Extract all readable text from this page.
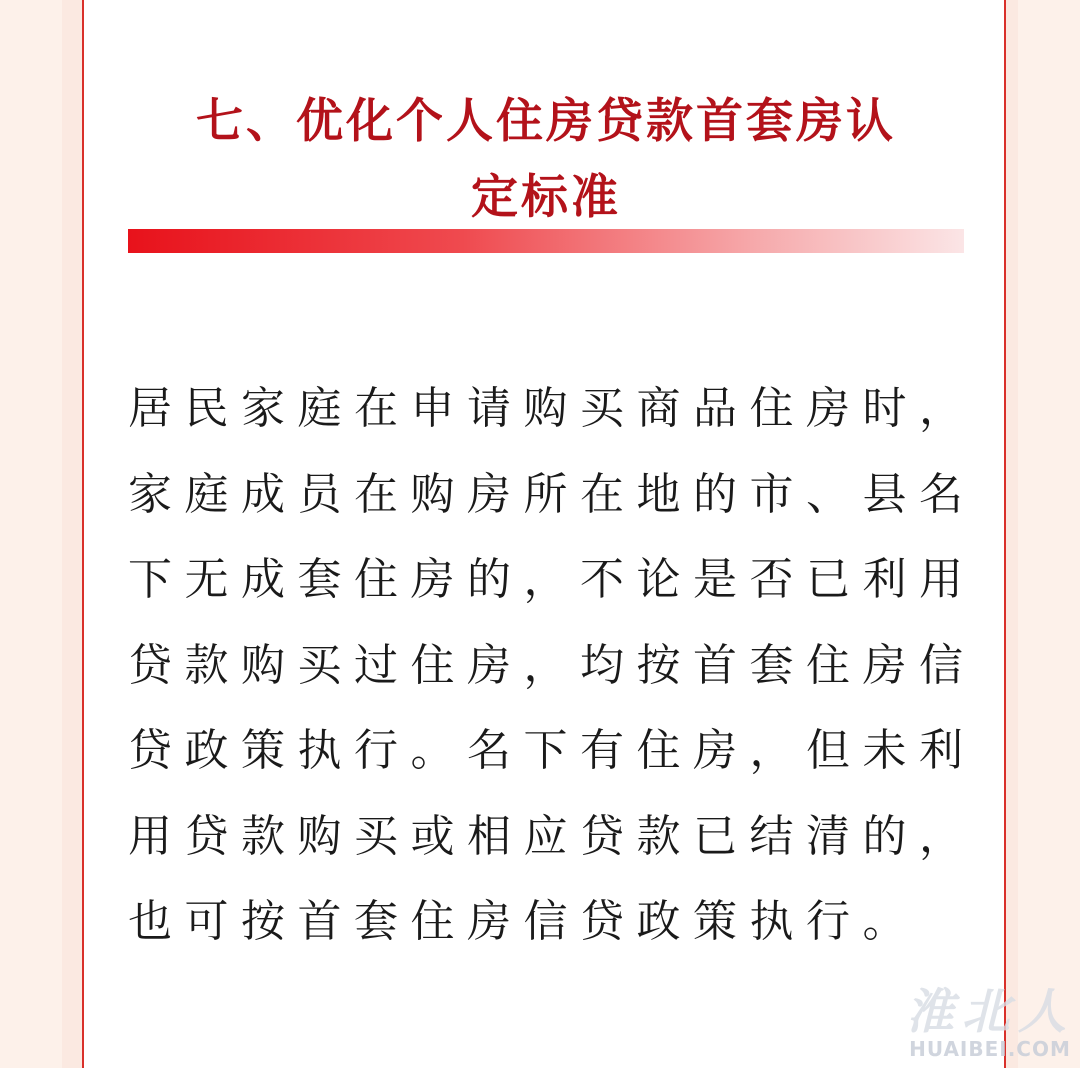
七、优化个人住房贷款首套房认
定标准
居民家庭在申请购买商品住房时，
家庭成员在购房所在地的市、县名
下无成套住房的，不论是否已利用
贷款购买过住房，均按首套住房信
贷政策执行。名下有住房，但未利
用贷款购买或相应贷款已结清的，
也可按首套住房信贷政策执行。
淮北人
HUAIBEI.COM
